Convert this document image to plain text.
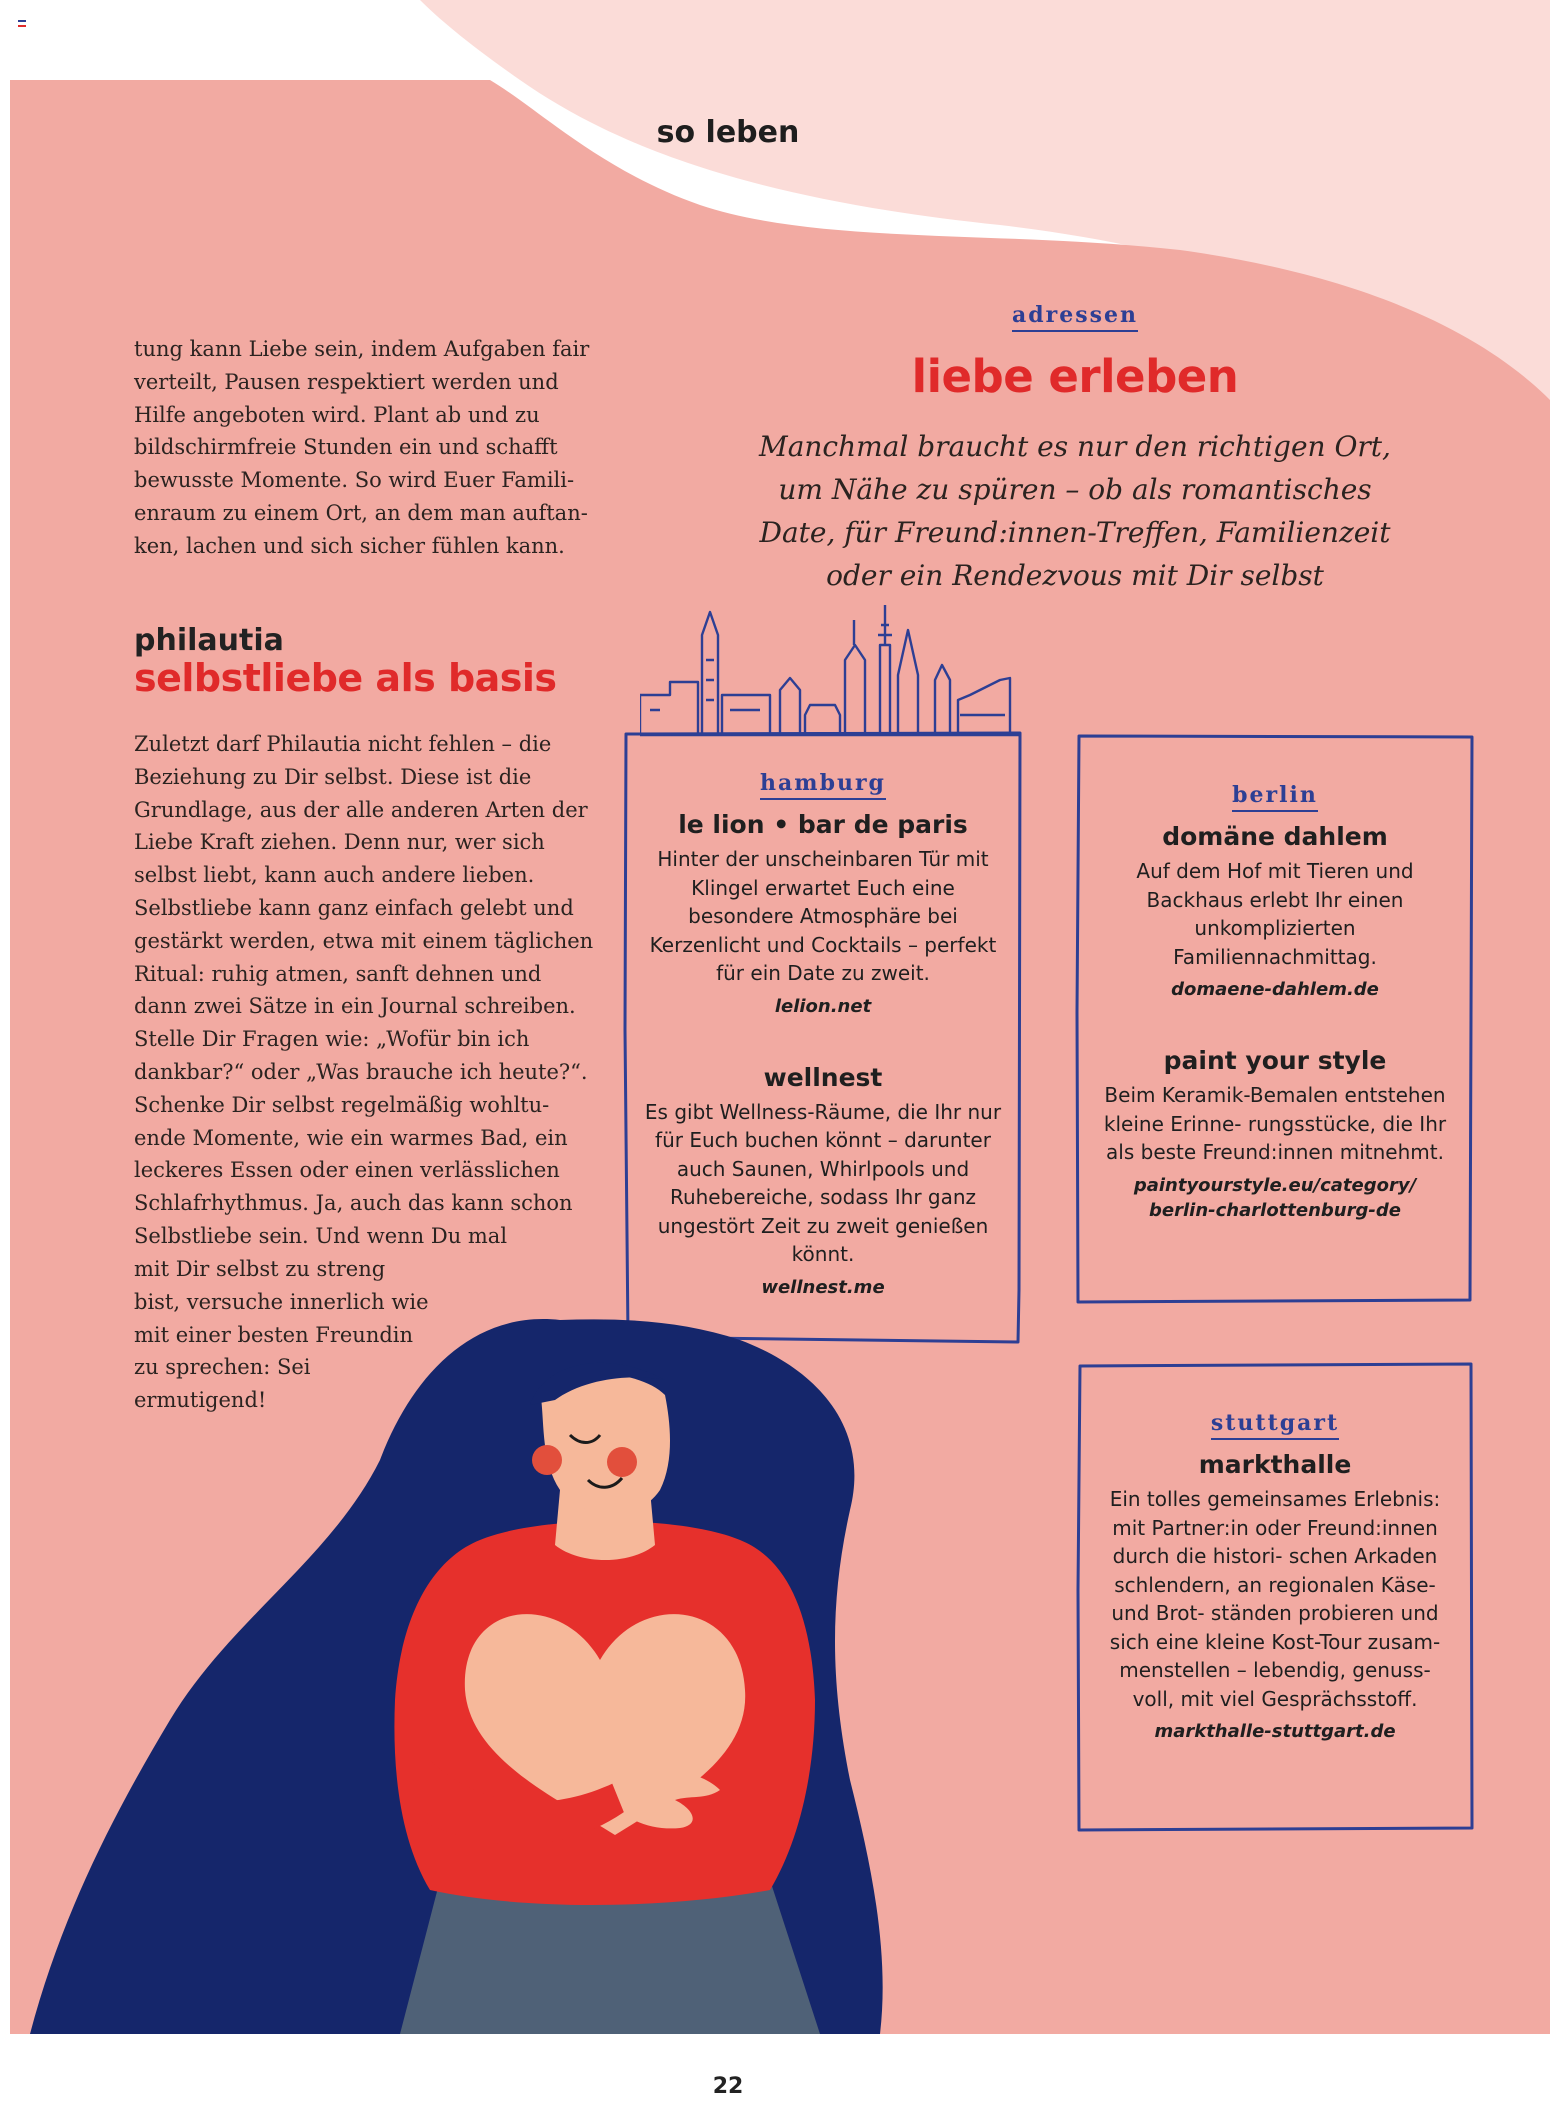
so leben
tung kann Liebe sein, indem Aufgaben fair verteilt, Pausen respektiert werden und Hilfe angeboten wird. Plant ab und zu bildschirmfreie Stunden ein und schafft bewusste Momente. So wird Euer Famili- enraum zu einem Ort, an dem man auftan- ken, lachen und sich sicher fühlen kann.
philautia
selbstliebe als basis
Zuletzt darf Philautia nicht fehlen – die Beziehung zu Dir selbst. Diese ist die Grundlage, aus der alle anderen Arten der Liebe Kraft ziehen. Denn nur, wer sich selbst liebt, kann auch andere lieben. Selbstliebe kann ganz einfach gelebt und gestärkt werden, etwa mit einem täglichen Ritual: ruhig atmen, sanft dehnen und dann zwei Sätze in ein Journal schreiben. Stelle Dir Fragen wie: „Wofür bin ich dankbar?“ oder „Was brauche ich heute?“. Schenke Dir selbst regelmäßig wohltu- ende Momente, wie ein warmes Bad, ein leckeres Essen oder einen verlässlichen Schlafrhythmus. Ja, auch das kann schon Selbstliebe sein. Und wenn Du mal
mit Dir selbst zu streng bist, versuche innerlich wie mit einer besten Freundin zu sprechen: Sei ermutigend!
adressen
liebe erleben
Manchmal braucht es nur den richtigen Ort, um Nähe zu spüren – ob als romantisches Date, für Freund:innen-Treffen, Familienzeit oder ein Rendezvous mit Dir selbst
hamburg
le lion • bar de paris
Hinter der unscheinbaren Tür mit Klingel erwartet Euch eine besondere Atmosphäre bei Kerzenlicht und Cocktails – perfekt für ein Date zu zweit.
lelion.net
wellnest
Es gibt Wellness-Räume, die Ihr nur für Euch buchen könnt – darunter auch Saunen, Whirlpools und Ruhebereiche, sodass Ihr ganz ungestört Zeit zu zweit genießen könnt.
wellnest.me
berlin
domäne dahlem
Auf dem Hof mit Tieren und Backhaus erlebt Ihr einen unkomplizierten Familiennachmittag.
domaene-dahlem.de
paint your style
Beim Keramik-Bemalen entstehen kleine Erinne- rungsstücke, die Ihr als beste Freund:innen mitnehmt.
paintyourstyle.eu/category/ berlin-charlottenburg-de
stuttgart
markthalle
Ein tolles gemeinsames Erlebnis: mit Partner:in oder Freund:innen durch die histori- schen Arkaden schlendern, an regionalen Käse- und Brot- ständen probieren und sich eine kleine Kost-Tour zusam- menstellen – lebendig, genuss- voll, mit viel Gesprächsstoff.
markthalle-stuttgart.de
22
